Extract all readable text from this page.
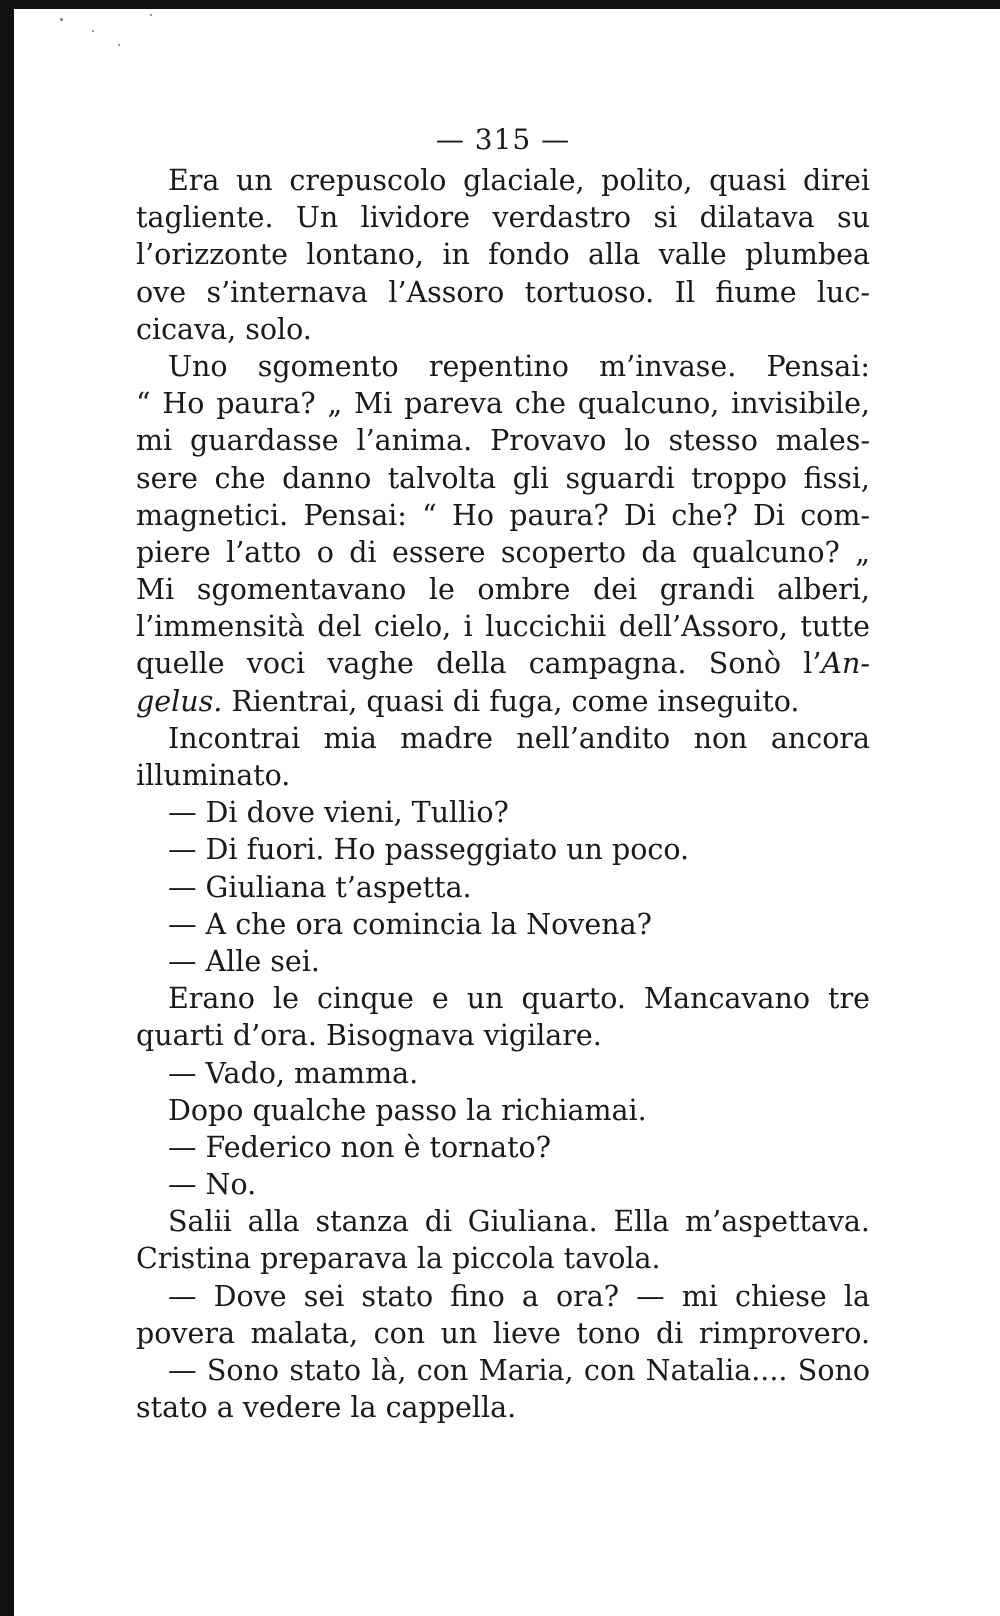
— 315 —
Era un crepuscolo glaciale, polito, quasi direi
tagliente. Un lividore verdastro si dilatava su
l’orizzonte lontano, in fondo alla valle plumbea
ove s’internava l’Assoro tortuoso. Il fiume luc-
cicava, solo.
Uno sgomento repentino m’invase. Pensai:
“ Ho paura? „ Mi pareva che qualcuno, invisibile,
mi guardasse l’anima. Provavo lo stesso males-
sere che danno talvolta gli sguardi troppo fissi,
magnetici. Pensai: “ Ho paura? Di che? Di com-
piere l’atto o di essere scoperto da qualcuno? „
Mi sgomentavano le ombre dei grandi alberi,
l’immensità del cielo, i luccichii dell’Assoro, tutte
quelle voci vaghe della campagna. Sonò l’An-
gelus. Rientrai, quasi di fuga, come inseguito.
Incontrai mia madre nell’andito non ancora
illuminato.
— Di dove vieni, Tullio?
— Di fuori. Ho passeggiato un poco.
— Giuliana t’aspetta.
— A che ora comincia la Novena?
— Alle sei.
Erano le cinque e un quarto. Mancavano tre
quarti d’ora. Bisognava vigilare.
— Vado, mamma.
Dopo qualche passo la richiamai.
— Federico non è tornato?
— No.
Salii alla stanza di Giuliana. Ella m’aspettava.
Cristina preparava la piccola tavola.
— Dove sei stato fino a ora? — mi chiese la
povera malata, con un lieve tono di rimprovero.
— Sono stato là, con Maria, con Natalia.... Sono
stato a vedere la cappella.
